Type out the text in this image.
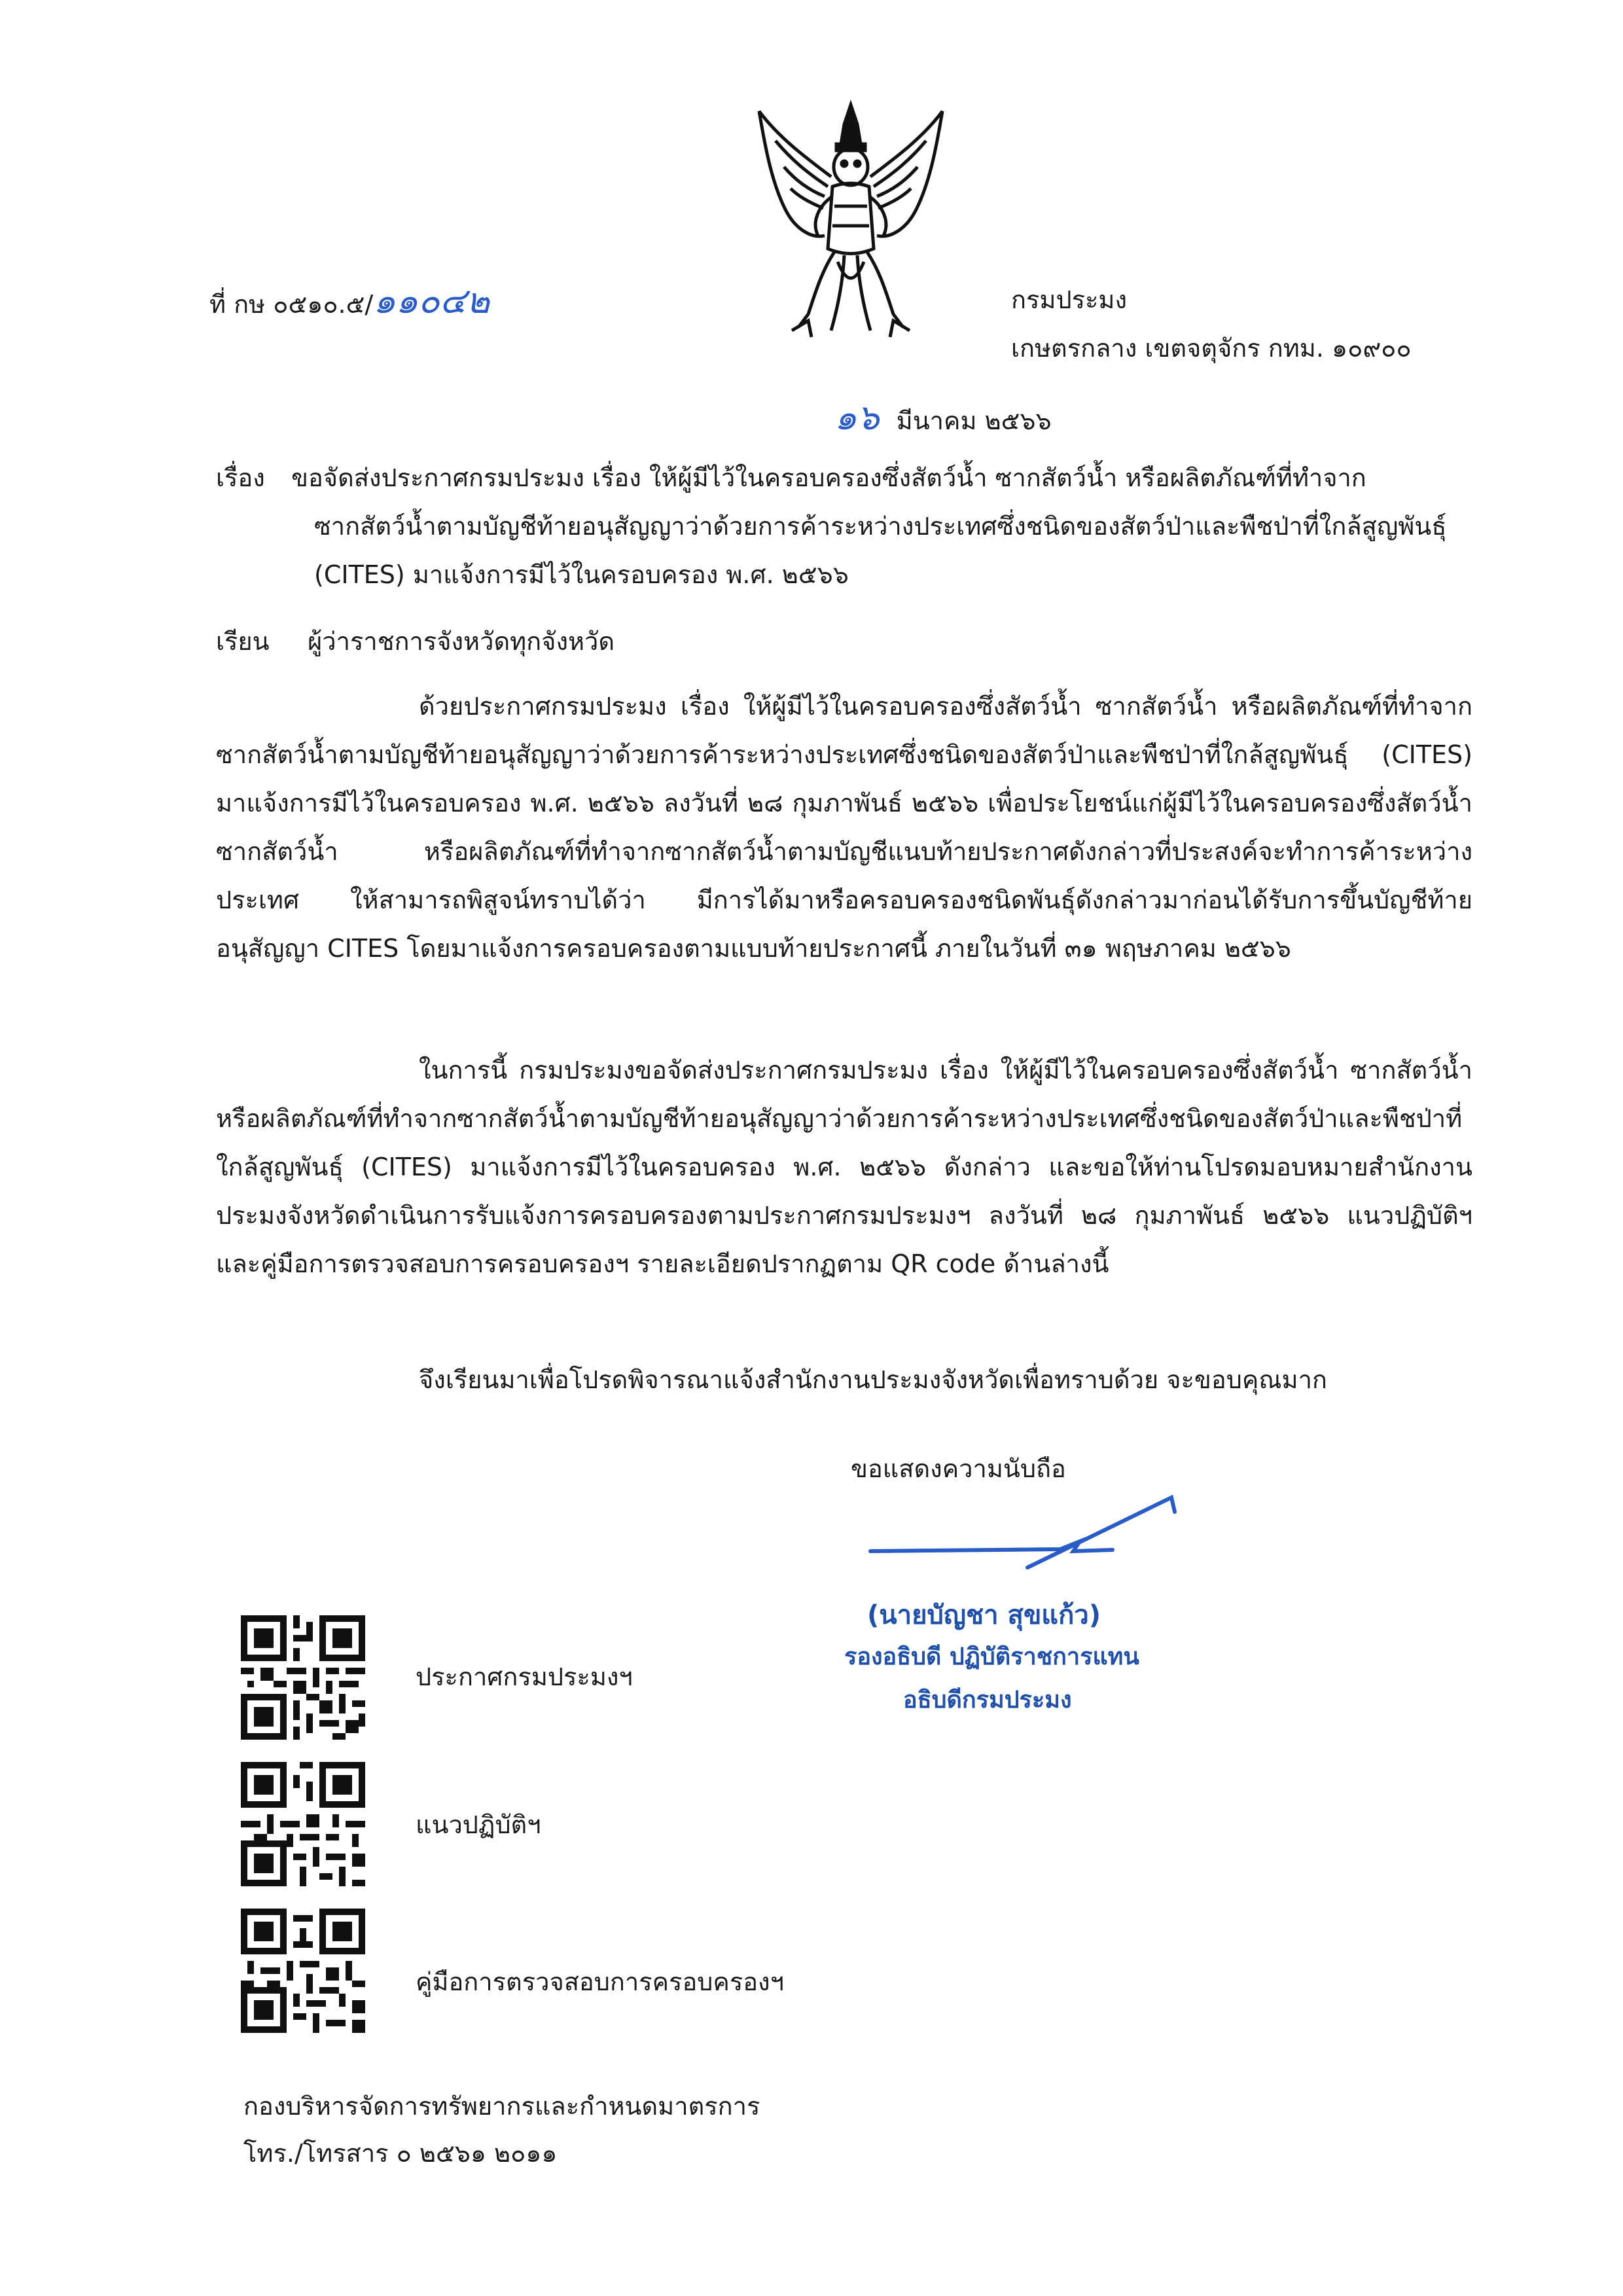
ที่ กษ ๐๕๑๐.๕/๑๑๐๔๒	กรมประมง
เกษตรกลาง เขตจตุจักร กทม. ๑๐๙๐๐
๑๖ มีนาคม ๒๕๖๖
เรื่อง ขอจัดส่งประกาศกรมประมง เรื่อง ให้ผู้มีไว้ในครอบครองซึ่งสัตว์น้ำ ซากสัตว์น้ำ หรือผลิตภัณฑ์ที่ทำจาก
ซากสัตว์น้ำตามบัญชีท้ายอนุสัญญาว่าด้วยการค้าระหว่างประเทศซึ่งชนิดของสัตว์ป่าและพืชป่าที่ใกล้สูญพันธุ์
(CITES) มาแจ้งการมีไว้ในครอบครอง พ.ศ. ๒๕๖๖
เรียน ผู้ว่าราชการจังหวัดทุกจังหวัด
ด้วยประกาศกรมประมง เรื่อง ให้ผู้มีไว้ในครอบครองซึ่งสัตว์น้ำ ซากสัตว์น้ำ หรือผลิตภัณฑ์ที่ทำจากซากสัตว์น้ำตามบัญชีท้ายอนุสัญญาว่าด้วยการค้าระหว่างประเทศซึ่งชนิดของสัตว์ป่าและพืชป่าที่ใกล้สูญพันธุ์ (CITES) มาแจ้งการมีไว้ในครอบครอง พ.ศ. ๒๕๖๖ ลงวันที่ ๒๘ กุมภาพันธ์ ๒๕๖๖ เพื่อประโยชน์แก่ผู้มีไว้ในครอบครองซึ่งสัตว์น้ำ ซากสัตว์น้ำ หรือผลิตภัณฑ์ที่ทำจากซากสัตว์น้ำตามบัญชีแนบท้ายประกาศดังกล่าวที่ประสงค์จะทำการค้าระหว่างประเทศ ให้สามารถพิสูจน์ทราบได้ว่า มีการได้มาหรือครอบครองชนิดพันธุ์ดังกล่าวมาก่อนได้รับการขึ้นบัญชีท้ายอนุสัญญา CITES โดยมาแจ้งการครอบครองตามแบบท้ายประกาศนี้ ภายในวันที่ ๓๑ พฤษภาคม ๒๕๖๖
ในการนี้ กรมประมงขอจัดส่งประกาศกรมประมง เรื่อง ให้ผู้มีไว้ในครอบครองซึ่งสัตว์น้ำ ซากสัตว์น้ำ หรือผลิตภัณฑ์ที่ทำจากซากสัตว์น้ำตามบัญชีท้ายอนุสัญญาว่าด้วยการค้าระหว่างประเทศซึ่งชนิดของสัตว์ป่าและพืชป่าที่ใกล้สูญพันธุ์ (CITES) มาแจ้งการมีไว้ในครอบครอง พ.ศ. ๒๕๖๖ ดังกล่าว และขอให้ท่านโปรดมอบหมายสำนักงานประมงจังหวัดดำเนินการรับแจ้งการครอบครองตามประกาศกรมประมงฯ ลงวันที่ ๒๘ กุมภาพันธ์ ๒๕๖๖ แนวปฏิบัติฯ และคู่มือการตรวจสอบการครอบครองฯ รายละเอียดปรากฏตาม QR code ด้านล่างนี้
จึงเรียนมาเพื่อโปรดพิจารณาแจ้งสำนักงานประมงจังหวัดเพื่อทราบด้วย จะขอบคุณมาก
ขอแสดงความนับถือ
(นายบัญชา สุขแก้ว)
รองอธิบดี ปฏิบัติราชการแทน
อธิบดีกรมประมง
ประกาศกรมประมงฯ
แนวปฏิบัติฯ
คู่มือการตรวจสอบการครอบครองฯ
กองบริหารจัดการทรัพยากรและกำหนดมาตรการ
โทร./โทรสาร ๐ ๒๕๖๑ ๒๐๑๑
